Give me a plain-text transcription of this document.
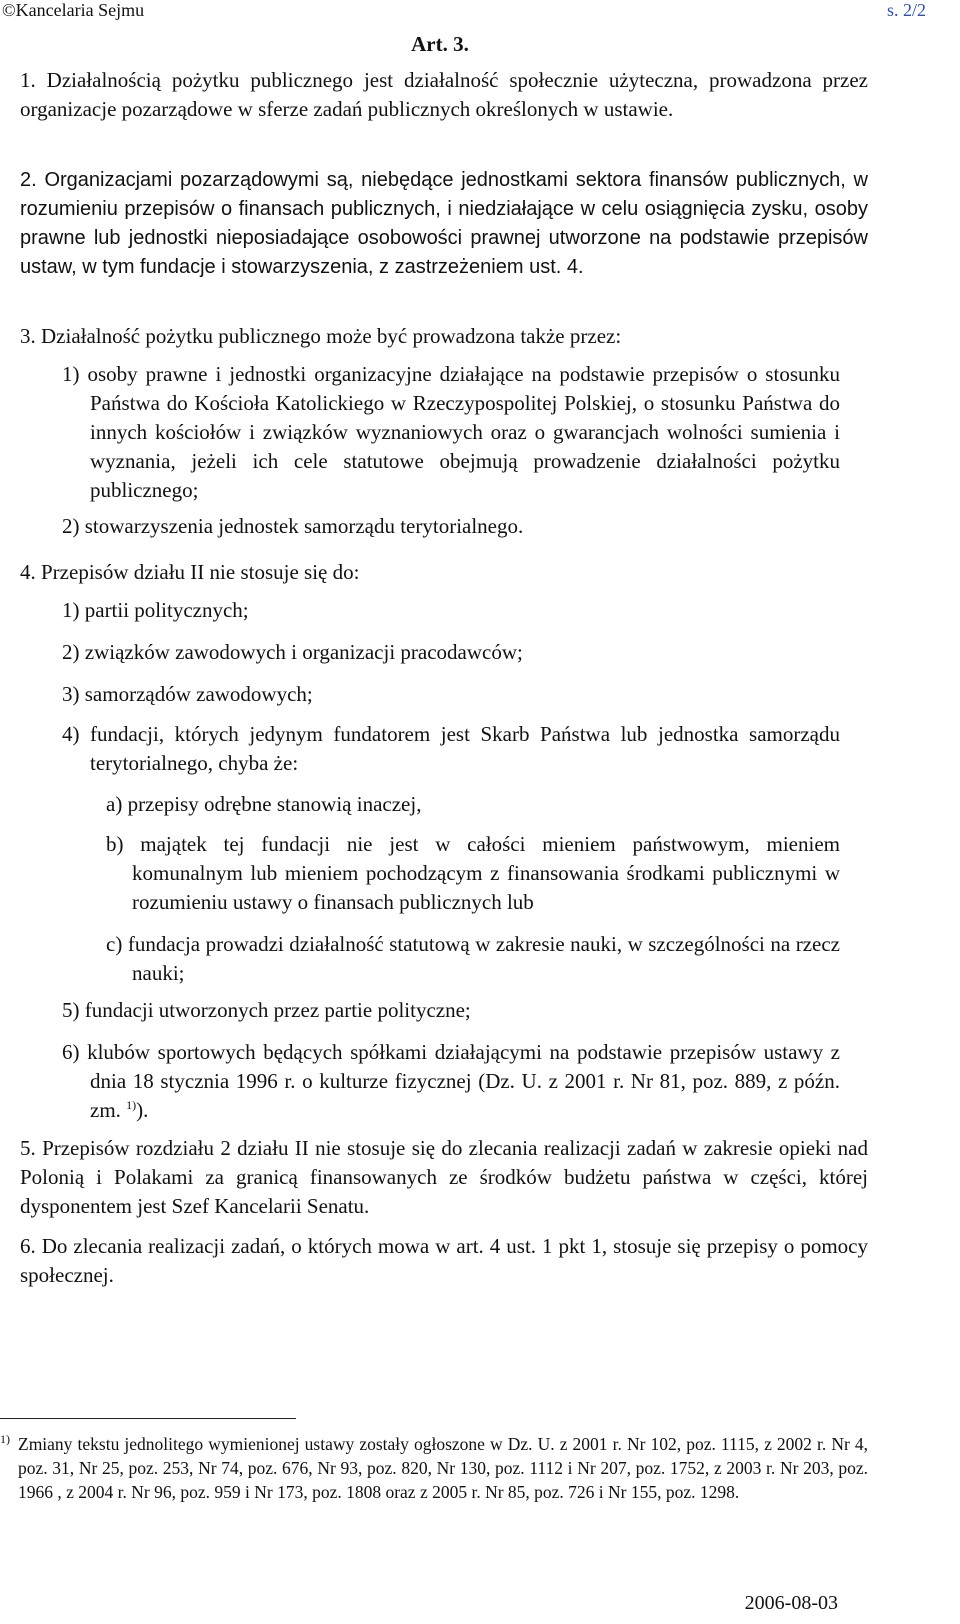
©Kancelaria Sejmu	s. 2/2
Art. 3.
1. Działalnością pożytku publicznego jest działalność społecznie użyteczna, prowadzona przez organizacje pozarządowe w sferze zadań publicznych określonych w ustawie.
2. Organizacjami pozarządowymi są, niebędące jednostkami sektora finansów publicznych, w rozumieniu przepisów o finansach publicznych, i niedziałające w celu osiągnięcia zysku, osoby prawne lub jednostki nieposiadające osobowości prawnej utworzone na podstawie przepisów ustaw, w tym fundacje i stowarzyszenia, z zastrzeżeniem ust. 4.
3. Działalność pożytku publicznego może być prowadzona także przez:
1) osoby prawne i jednostki organizacyjne działające na podstawie przepisów o stosunku Państwa do Kościoła Katolickiego w Rzeczypospolitej Polskiej, o stosunku Państwa do innych kościołów i związków wyznaniowych oraz o gwarancjach wolności sumienia i wyznania, jeżeli ich cele statutowe obejmują prowadzenie działalności pożytku publicznego;
2) stowarzyszenia jednostek samorządu terytorialnego.
4. Przepisów działu II nie stosuje się do:
1) partii politycznych;
2) związków zawodowych i organizacji pracodawców;
3) samorządów zawodowych;
4) fundacji, których jedynym fundatorem jest Skarb Państwa lub jednostka samorządu terytorialnego, chyba że:
a) przepisy odrębne stanowią inaczej,
b) majątek tej fundacji nie jest w całości mieniem państwowym, mieniem komunalnym lub mieniem pochodzącym z finansowania środkami publicznymi w rozumieniu ustawy o finansach publicznych lub
c) fundacja prowadzi działalność statutową w zakresie nauki, w szczególności na rzecz nauki;
5) fundacji utworzonych przez partie polityczne;
6) klubów sportowych będących spółkami działającymi na podstawie przepisów ustawy z dnia 18 stycznia 1996 r. o kulturze fizycznej (Dz. U. z 2001 r. Nr 81, poz. 889, z późn. zm. $^{1)}$).
5. Przepisów rozdziału 2 działu II nie stosuje się do zlecania realizacji zadań w zakresie opieki nad Polonią i Polakami za granicą finansowanych ze środków budżetu państwa w części, której dysponentem jest Szef Kancelarii Senatu.
6. Do zlecania realizacji zadań, o których mowa w art. 4 ust. 1 pkt 1, stosuje się przepisy o pomocy społecznej.
1) Zmiany tekstu jednolitego wymienionej ustawy zostały ogłoszone w Dz. U. z 2001 r. Nr 102, poz. 1115, z 2002 r. Nr 4, poz. 31, Nr 25, poz. 253, Nr 74, poz. 676, Nr 93, poz. 820, Nr 130, poz. 1112 i Nr 207, poz. 1752, z 2003 r. Nr 203, poz. 1966 , z 2004 r. Nr 96, poz. 959 i Nr 173, poz. 1808 oraz z 2005 r. Nr 85, poz. 726 i Nr 155, poz. 1298.
2006-08-03
